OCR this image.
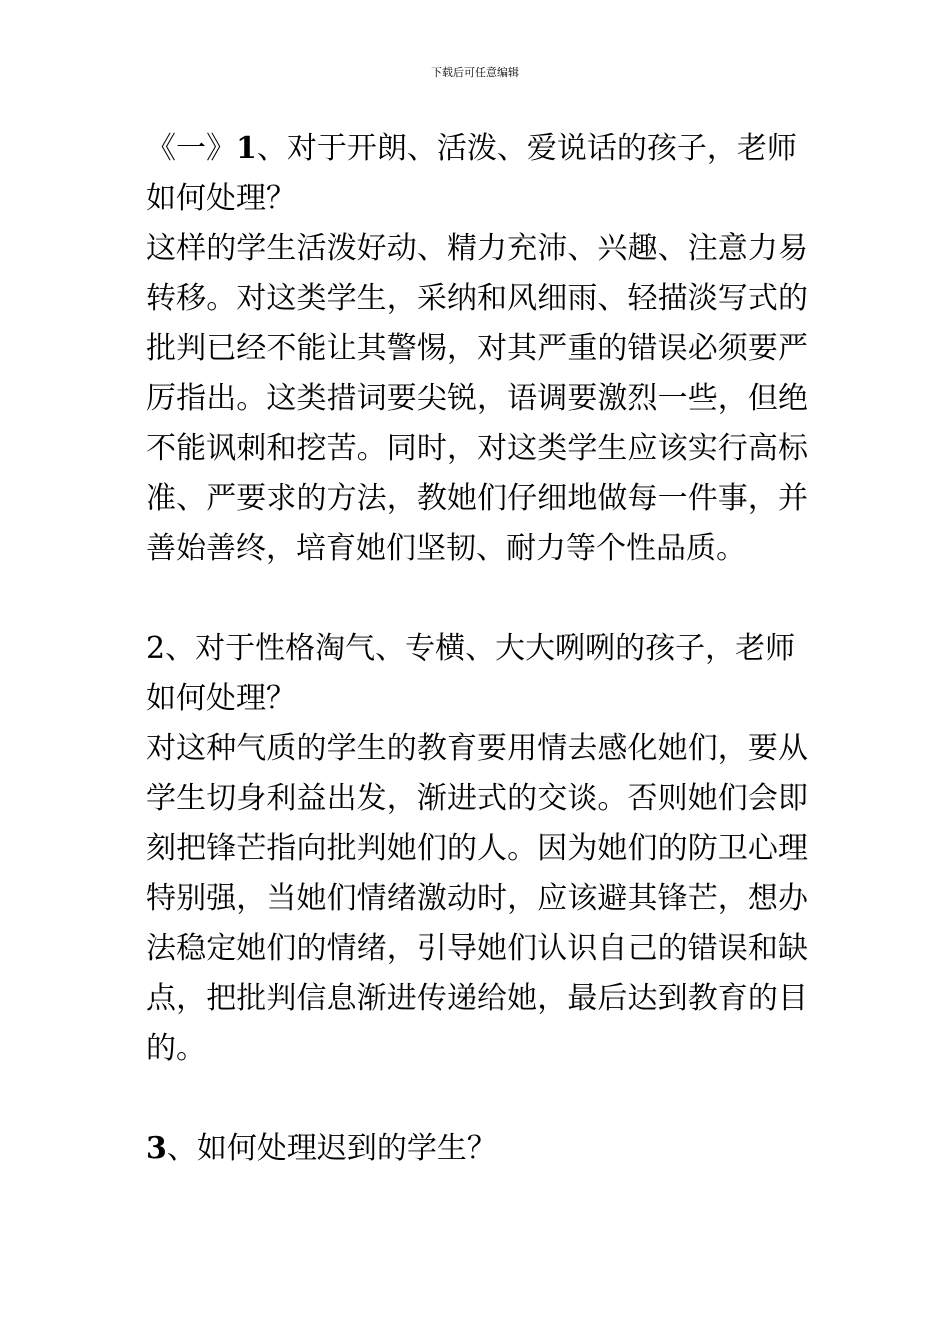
下载后可任意编辑

《一》1、对于开朗、活泼、爱说话的孩子，老师如何处理？

这样的学生活泼好动、精力充沛、兴趣、注意力易转移。对这类学生，采纳和风细雨、轻描淡写式的批判已经不能让其警惕，对其严重的错误必须要严厉指出。这类措词要尖锐，语调要激烈一些，但绝不能讽刺和挖苦。同时，对这类学生应该实行高标准、严要求的方法，教她们仔细地做每一件事，并善始善终，培育她们坚韧、耐力等个性品质。

2、对于性格淘气、专横、大大咧咧的孩子，老师如何处理？

对这种气质的学生的教育要用情去感化她们，要从学生切身利益出发，渐进式的交谈。否则她们会即刻把锋芒指向批判她们的人。因为她们的防卫心理特别强，当她们情绪激动时，应该避其锋芒，想办法稳定她们的情绪，引导她们认识自己的错误和缺点，把批判信息渐进传递给她，最后达到教育的目的。

3、如何处理迟到的学生？
